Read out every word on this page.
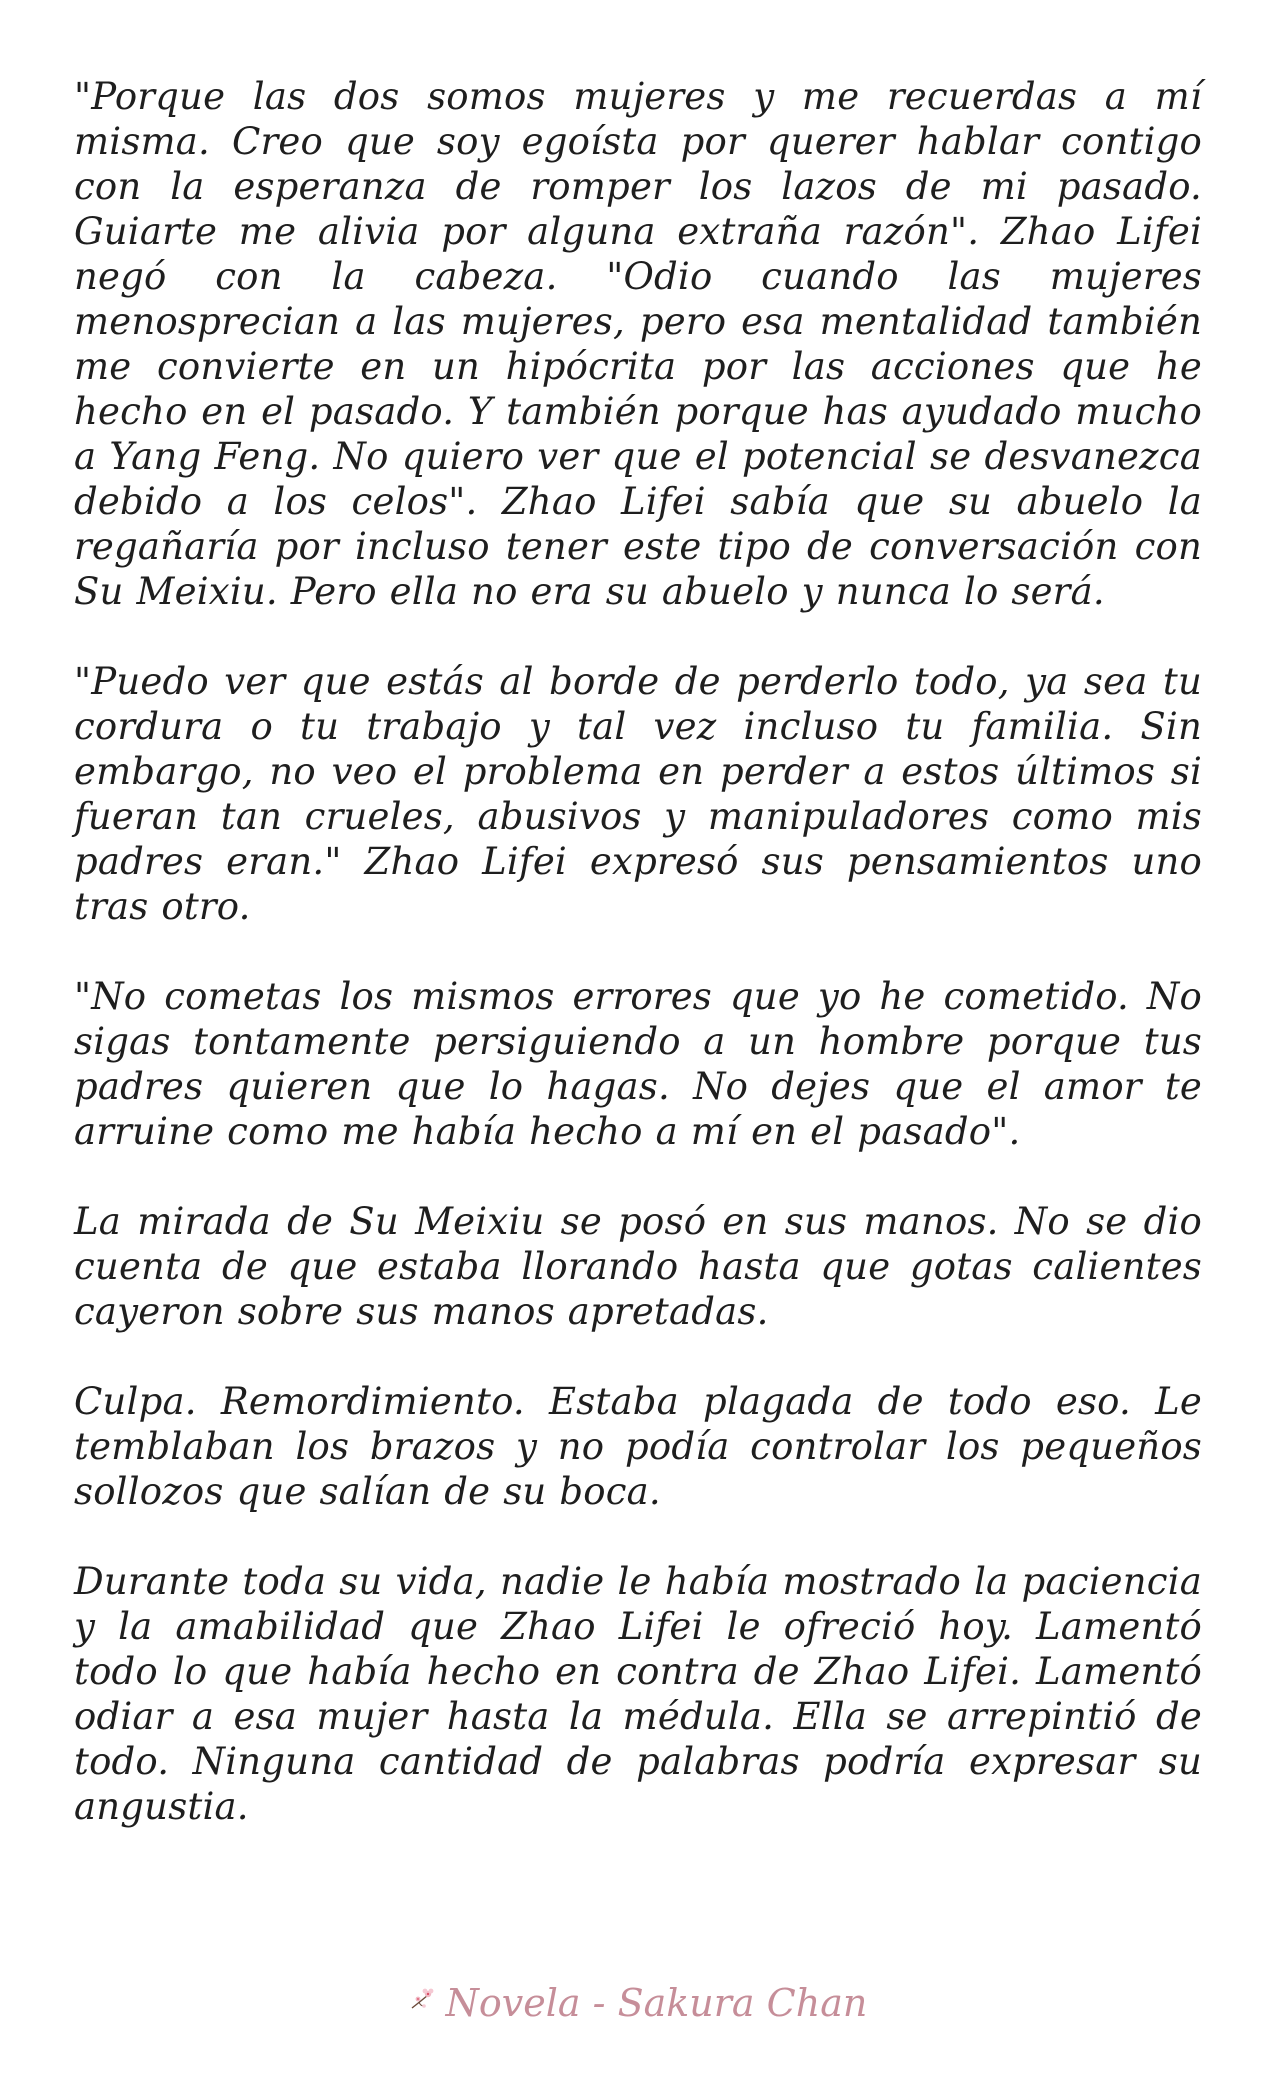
"Porque las dos somos mujeres y me recuerdas a mí misma. Creo que soy egoísta por querer hablar contigo con la esperanza de romper los lazos de mi pasado. Guiarte me alivia por alguna extraña razón". Zhao Lifei negó con la cabeza. "Odio cuando las mujeres menosprecian a las mujeres, pero esa mentalidad también me convierte en un hipócrita por las acciones que he hecho en el pasado. Y también porque has ayudado mucho a Yang Feng. No quiero ver que el potencial se desvanezca debido a los celos". Zhao Lifei sabía que su abuelo la regañaría por incluso tener este tipo de conversación con Su Meixiu. Pero ella no era su abuelo y nunca lo será.

"Puedo ver que estás al borde de perderlo todo, ya sea tu cordura o tu trabajo y tal vez incluso tu familia. Sin embargo, no veo el problema en perder a estos últimos si fueran tan crueles, abusivos y manipuladores como mis padres eran." Zhao Lifei expresó sus pensamientos uno tras otro.

"No cometas los mismos errores que yo he cometido. No sigas tontamente persiguiendo a un hombre porque tus padres quieren que lo hagas. No dejes que el amor te arruine como me había hecho a mí en el pasado".

La mirada de Su Meixiu se posó en sus manos. No se dio cuenta de que estaba llorando hasta que gotas calientes cayeron sobre sus manos apretadas.

Culpa. Remordimiento. Estaba plagada de todo eso. Le temblaban los brazos y no podía controlar los pequeños sollozos que salían de su boca.

Durante toda su vida, nadie le había mostrado la paciencia y la amabilidad que Zhao Lifei le ofreció hoy. Lamentó todo lo que había hecho en contra de Zhao Lifei. Lamentó odiar a esa mujer hasta la médula. Ella se arrepintió de todo. Ninguna cantidad de palabras podría expresar su angustia.

Novela - Sakura Chan
